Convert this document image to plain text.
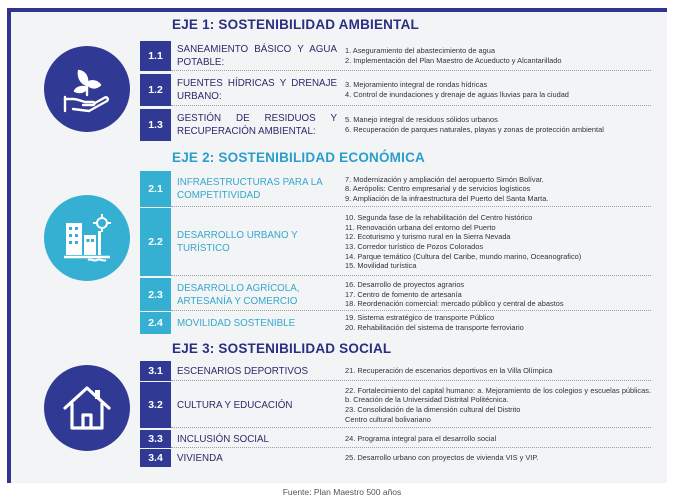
EJE 1: SOSTENIBILIDAD AMBIENTAL
1.1
SANEAMIENTO BÁSICO Y AGUA POTABLE:
1. Aseguramiento del abastecimiento de agua
2. Implementación del Plan Maestro de Acueducto y Alcantarillado
1.2
FUENTES HÍDRICAS Y DRENAJE URBANO:
3. Mejoramiento integral de rondas hídricas
4. Control de inundaciones y drenaje de aguas lluvias para la ciudad
1.3
GESTIÓN DE RESIDUOS Y RECUPERACIÓN AMBIENTAL:
5. Manejo integral de residuos sólidos urbanos
6. Recuperación de parques naturales, playas y zonas de protección ambiental
EJE 2: SOSTENIBILIDAD ECONÓMICA
2.1
INFRAESTRUCTURAS PARA LA COMPETITIVIDAD
7. Modernización y ampliación del aeropuerto Simón Bolívar.
8. Aerópolis: Centro empresarial y de servicios logísticos
9. Ampliación de la infraestructura del Puerto del Santa Marta.
2.2
DESARROLLO URBANO Y TURÍSTICO
10. Segunda fase de la rehabilitación del Centro histórico
11. Renovación urbana del entorno del Puerto
12. Ecoturismo y turismo rural en la Sierra Nevada
13. Corredor turístico de Pozos Colorados
14. Parque temático (Cultura del Caribe, mundo marino, Oceanografico)
15. Movilidad turística
2.3
DESARROLLO AGRÍCOLA, ARTESANÍA Y COMERCIO
16. Desarrollo de proyectos agrarios
17. Centro de fomento de artesanía
18. Reordenación comercial: mercado público y central de abastos
2.4	MOVILIDAD SOSTENIBLE	19. Sistema estratégico de transporte Público
20. Rehabilitación del sistema de transporte ferroviario
EJE 3: SOSTENIBILIDAD SOCIAL
3.1	ESCENARIOS DEPORTIVOS	21. Recuperación de escenarios deportivos en la Villa Olímpica
3.2	CULTURA Y EDUCACIÓN
22. Fortalecimiento del capital humano: a. Mejoramiento de los colegios y escuelas públicas. b. Creación de la Universidad Distrital Politécnica.
23. Consolidación de la dimensión cultural del Distrito
Centro cultural bolivariano
3.3	INCLUSIÓN SOCIAL	24. Programa integral para el desarrollo social
3.4	VIVIENDA	25. Desarrollo urbano con proyectos de vivienda VIS y VIP.
Fuente: Plan Maestro 500 años
